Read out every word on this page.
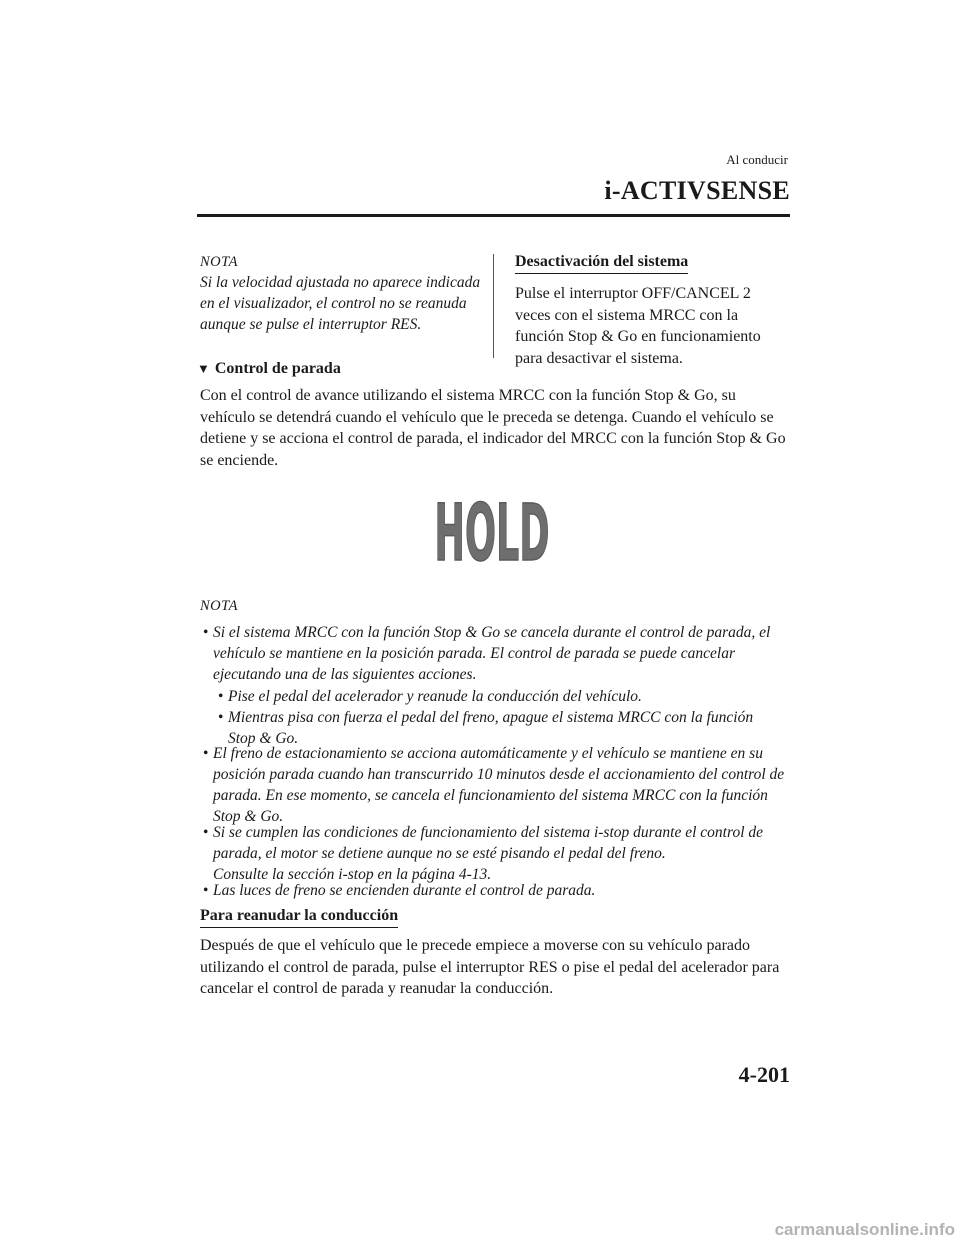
Al conducir
i-ACTIVSENSE
NOTA
Si la velocidad ajustada no aparece indicada en el visualizador, el control no se reanuda aunque se pulse el interruptor RES.
Desactivación del sistema
Pulse el interruptor OFF/CANCEL 2 veces con el sistema MRCC con la función Stop & Go en funcionamiento para desactivar el sistema.
▼ Control de parada
Con el control de avance utilizando el sistema MRCC con la función Stop & Go, su vehículo se detendrá cuando el vehículo que le preceda se detenga. Cuando el vehículo se detiene y se acciona el control de parada, el indicador del MRCC con la función Stop & Go se enciende.
HOLD
NOTA
• Si el sistema MRCC con la función Stop & Go se cancela durante el control de parada, el vehículo se mantiene en la posición parada. El control de parada se puede cancelar ejecutando una de las siguientes acciones.
• Pise el pedal del acelerador y reanude la conducción del vehículo.
• Mientras pisa con fuerza el pedal del freno, apague el sistema MRCC con la función Stop & Go.
• El freno de estacionamiento se acciona automáticamente y el vehículo se mantiene en su posición parada cuando han transcurrido 10 minutos desde el accionamiento del control de parada. En ese momento, se cancela el funcionamiento del sistema MRCC con la función Stop & Go.
• Si se cumplen las condiciones de funcionamiento del sistema i-stop durante el control de parada, el motor se detiene aunque no se esté pisando el pedal del freno.
Consulte la sección i-stop en la página 4-13.
• Las luces de freno se encienden durante el control de parada.
Para reanudar la conducción
Después de que el vehículo que le precede empiece a moverse con su vehículo parado utilizando el control de parada, pulse el interruptor RES o pise el pedal del acelerador para cancelar el control de parada y reanudar la conducción.
4-201
carmanualsonline.info
